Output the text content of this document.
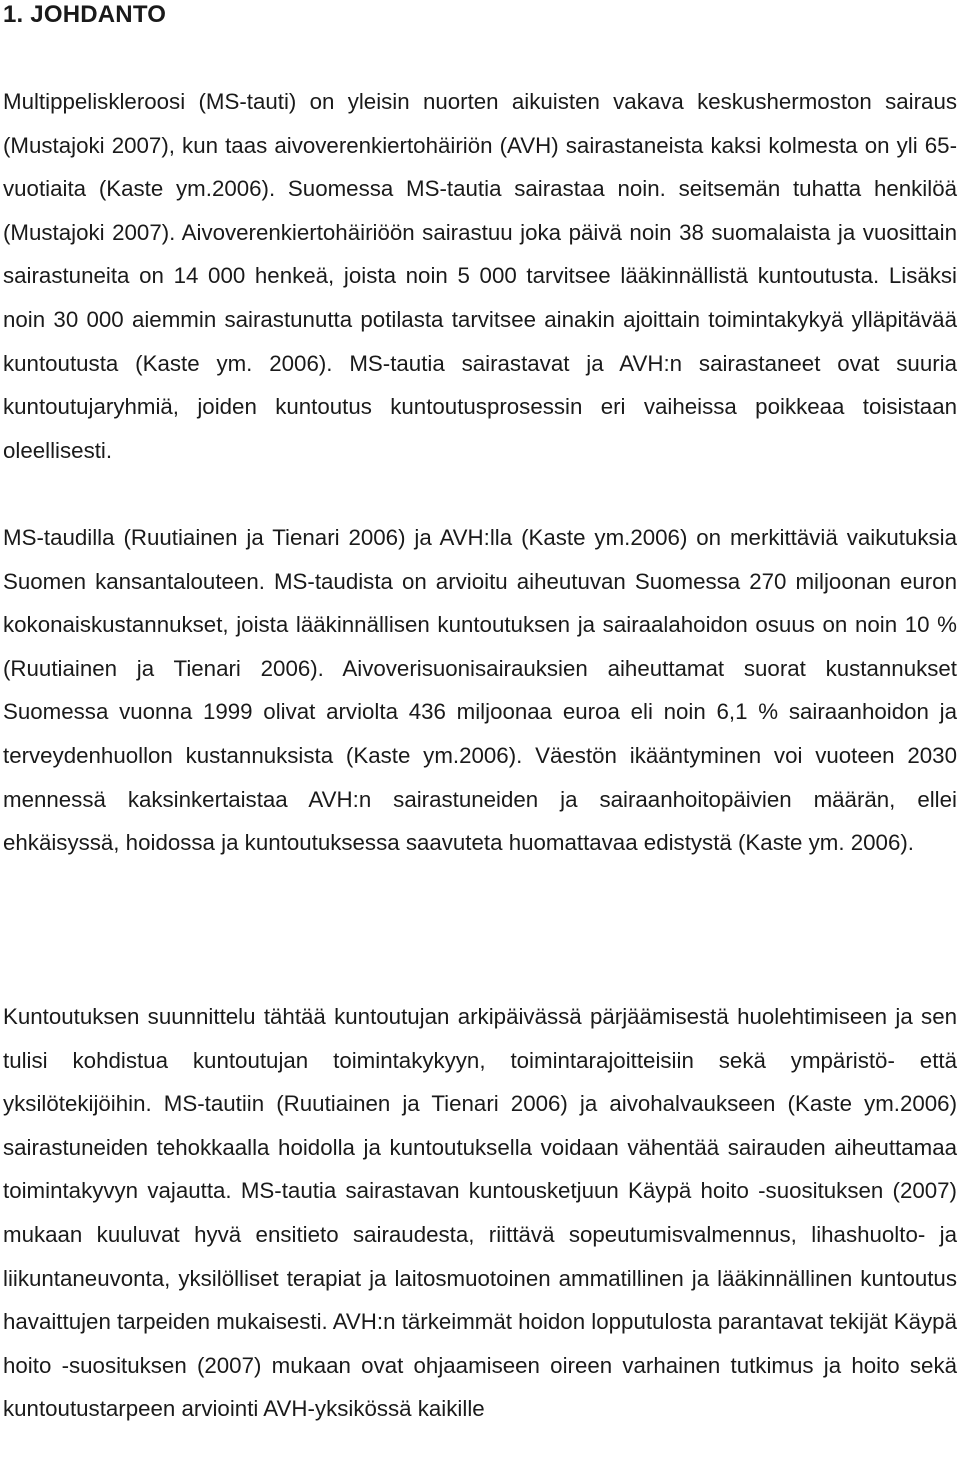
1. JOHDANTO

Multippeliskleroosi (MS-tauti) on yleisin nuorten aikuisten vakava keskushermoston sairaus (Mustajoki 2007), kun taas aivoverenkiertohäiriön (AVH) sairastaneista kaksi kolmesta on yli 65-vuotiaita (Kaste ym.2006). Suomessa MS-tautia sairastaa noin. seitsemän tuhatta henkilöä (Mustajoki 2007). Aivoverenkiertohäiriöön sairastuu joka päivä noin 38 suomalaista ja vuosittain sairastuneita on 14 000 henkeä, joista noin 5 000 tarvitsee lääkinnällistä kuntoutusta. Lisäksi noin 30 000 aiemmin sairastunutta potilasta tarvitsee ainakin ajoittain toimintakykyä ylläpitävää kuntoutusta (Kaste ym. 2006). MS-tautia sairastavat ja AVH:n sairastaneet ovat suuria kuntoutujaryhmiä, joiden kuntoutus kuntoutusprosessin eri vaiheissa poikkeaa toisistaan oleellisesti.

MS-taudilla (Ruutiainen ja Tienari 2006) ja AVH:lla (Kaste ym.2006) on merkittäviä vaikutuksia Suomen kansantalouteen. MS-taudista on arvioitu aiheutuvan Suomessa 270 miljoonan euron kokonaiskustannukset, joista lääkinnällisen kuntoutuksen ja sairaalahoidon osuus on noin 10 % (Ruutiainen ja Tienari 2006). Aivoverisuonisairauksien aiheuttamat suorat kustannukset Suomessa vuonna 1999 olivat arviolta 436 miljoonaa euroa eli noin 6,1 % sairaanhoidon ja terveydenhuollon kustannuksista (Kaste ym.2006). Väestön ikääntyminen voi vuoteen 2030 mennessä kaksinkertaistaa AVH:n sairastuneiden ja sairaanhoitopäivien määrän, ellei ehkäisyssä, hoidossa ja kuntoutuksessa saavuteta huomattavaa edistystä (Kaste ym. 2006).

Kuntoutuksen suunnittelu tähtää kuntoutujan arkipäivässä pärjäämisestä huolehtimiseen ja sen tulisi kohdistua kuntoutujan toimintakykyyn, toimintarajoitteisiin sekä ympäristö- että yksilötekijöihin. MS-tautiin (Ruutiainen ja Tienari 2006) ja aivohalvaukseen (Kaste ym.2006) sairastuneiden tehokkaalla hoidolla ja kuntoutuksella voidaan vähentää sairauden aiheuttamaa toimintakyvyn vajautta. MS-tautia sairastavan kuntousketjuun Käypä hoito -suosituksen (2007) mukaan kuuluvat hyvä ensitieto sairaudesta, riittävä sopeutumisvalmennus, lihashuolto- ja liikuntaneuvonta, yksilölliset terapiat ja laitosmuotoinen ammatillinen ja lääkinnällinen kuntoutus havaittujen tarpeiden mukaisesti. AVH:n tärkeimmät hoidon lopputulosta parantavat tekijät Käypä hoito -suosituksen (2007) mukaan ovat ohjaamiseen oireen varhainen tutkimus ja hoito sekä kuntoutustarpeen arviointi AVH-yksikössä kaikille
